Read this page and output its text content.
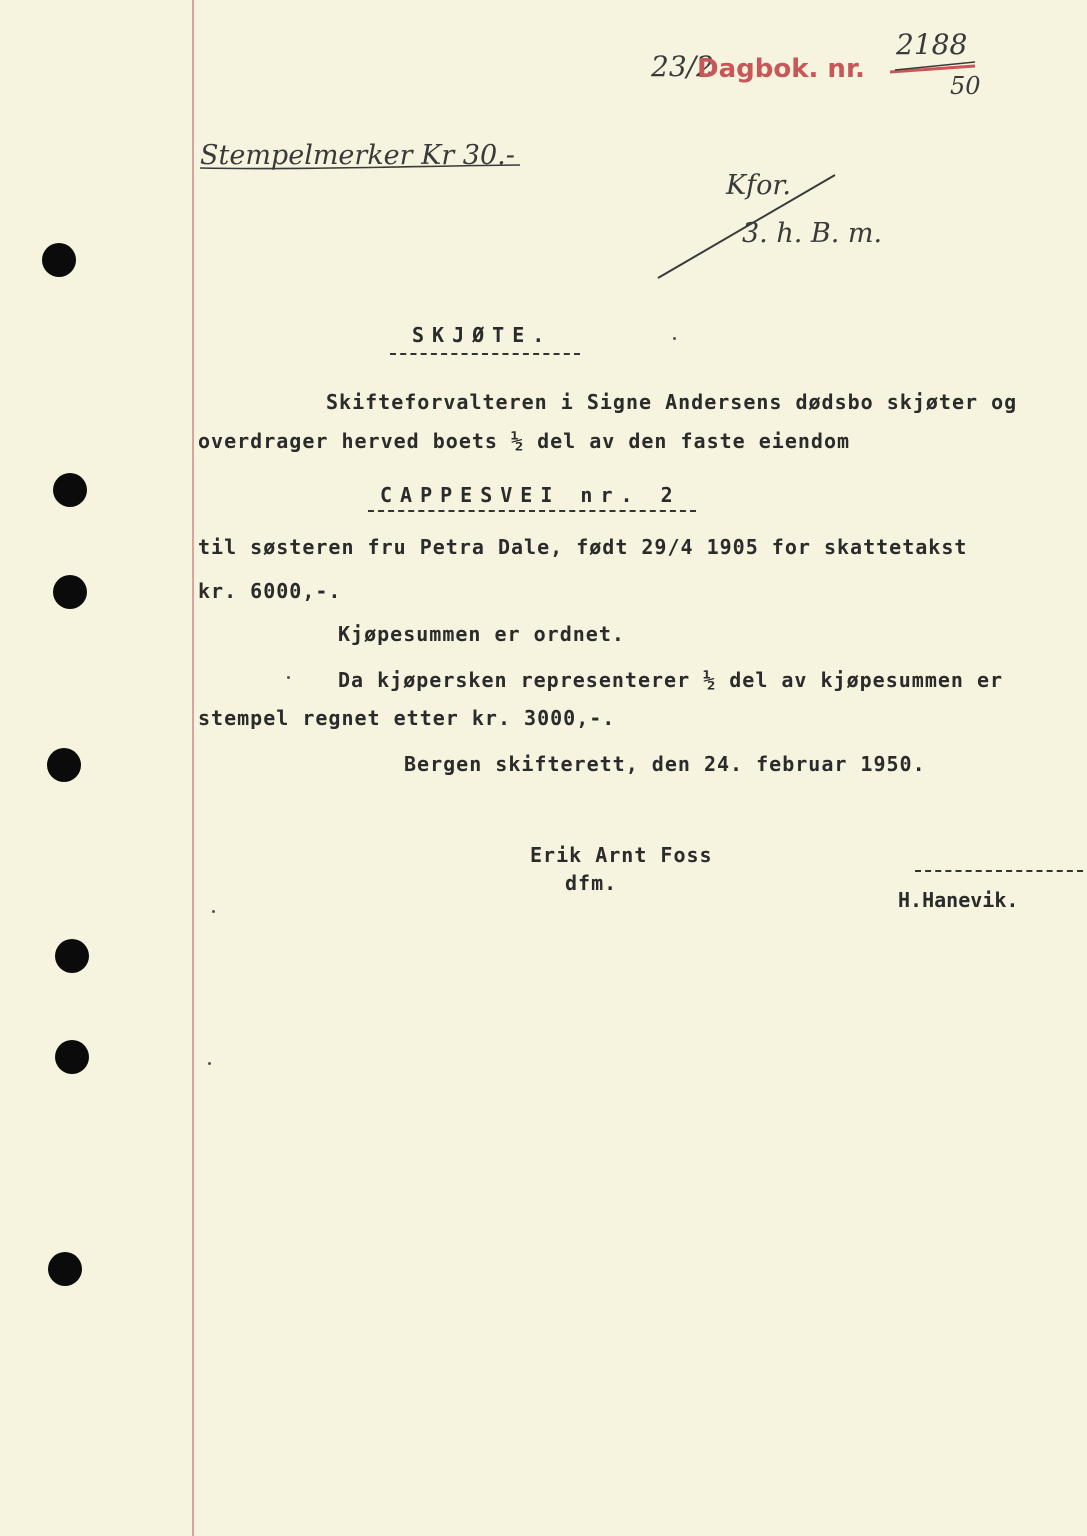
23/2
Dagbok. nr.
2188
50
Stempelmerker Kr 30.-
Kfor.
3. h. B. m.
SKJØTE.
Skifteforvalteren i Signe Andersens dødsbo skjøter og
overdrager herved boets ½ del av den faste eiendom
CAPPESVEI nr. 2
til søsteren fru Petra Dale, født 29/4 1905 for skattetakst
kr. 6000,-.
Kjøpesummen er ordnet.
Da kjøpersken representerer ½ del av kjøpesummen er
stempel regnet etter kr. 3000,-.
Bergen skifterett, den 24. februar 1950.
Erik Arnt Foss
dfm.
H.Hanevik.
